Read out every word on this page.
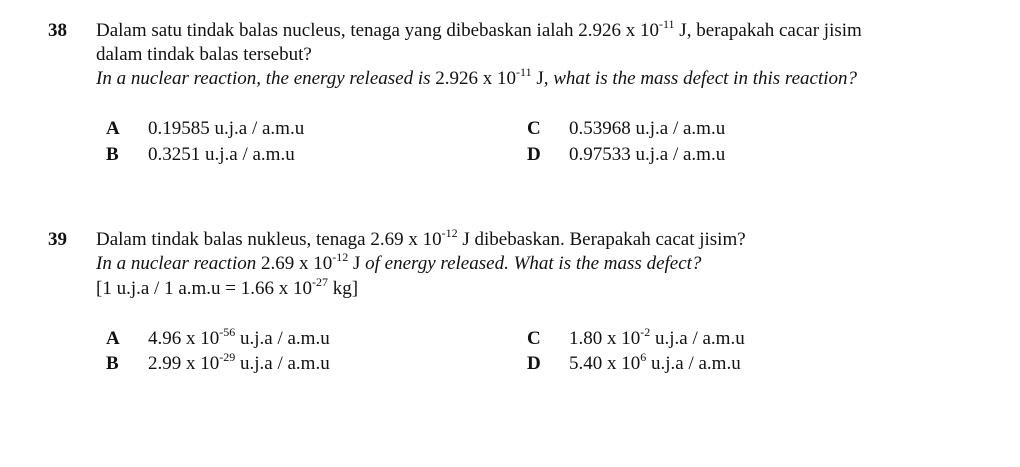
38 Dalam satu tindak balas nucleus, tenaga yang dibebaskan ialah 2.926 x $10^{-11}$ J, berapakah cacar jisim
dalam tindak balas tersebut?
In a nuclear reaction, the energy released is 2.926 x $10^{-11}$ J, what is the mass defect in this reaction?
A 0.19585 u.j.a / a.m.u
B 0.3251 u.j.a / a.m.u
C 0.53968 u.j.a / a.m.u
D 0.97533 u.j.a / a.m.u
39 Dalam tindak balas nukleus, tenaga 2.69 x $10^{-12}$ J dibebaskan. Berapakah cacat jisim?
In a nuclear reaction 2.69 x $10^{-12}$ J of energy released. What is the mass defect?
[1 u.j.a / 1 a.m.u = 1.66 x $10^{-27}$ kg]
A 4.96 x $10^{-56}$ u.j.a / a.m.u
B 2.99 x $10^{-29}$ u.j.a / a.m.u
C 1.80 x $10^{-2}$ u.j.a / a.m.u
D 5.40 x $10^6$ u.j.a / a.m.u
